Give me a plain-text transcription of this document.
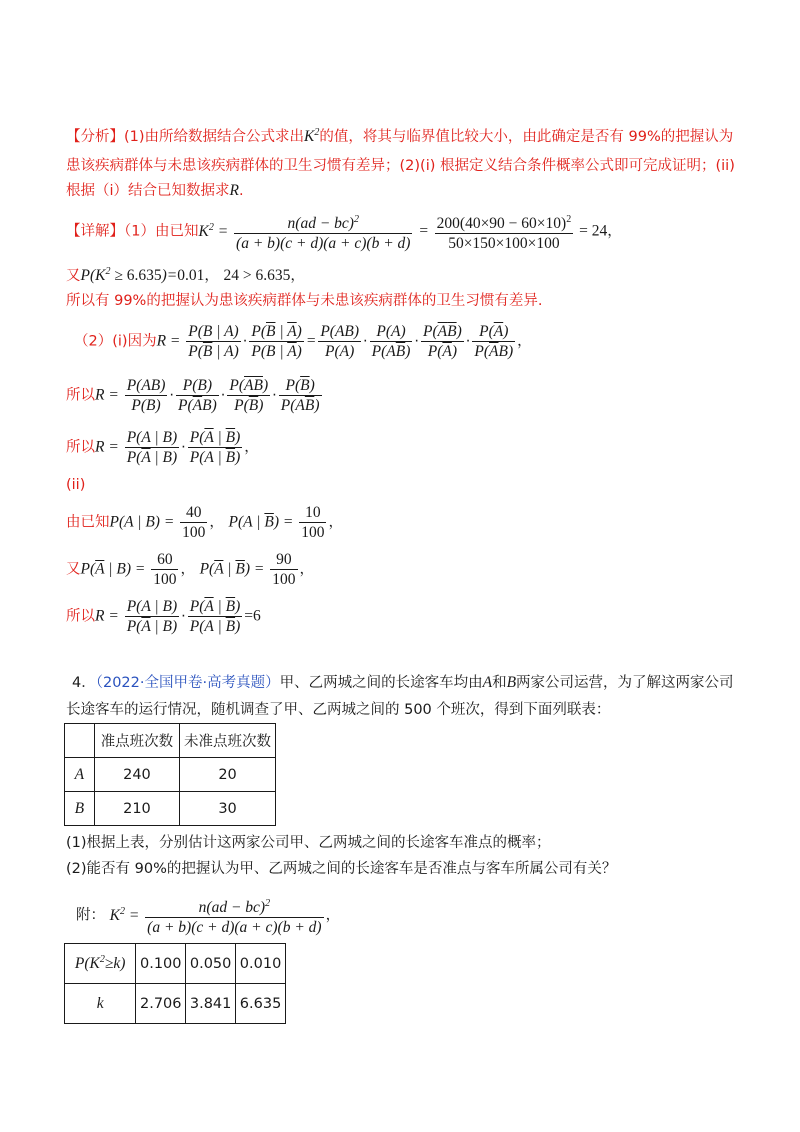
【分析】(1)由所给数据结合公式求出$K^2$的值，将其与临界值比较大小，由此确定是否有 99%的把握认为
患该疾病群体与未患该疾病群体的卫生习惯有差异；(2)(i) 根据定义结合条件概率公式即可完成证明；(ii)
根据（i）结合已知数据求R.
【详解】（1）由已知$K^2 = \frac{n(ad - bc)^2}{(a + b)(c + d)(a + c)(b + d)} = \frac{200(40\times 90 - 60\times 10)^2}{50\times 150\times 100\times 100} = 24$，
又$P(K^2 \ge 6.635)=0.01$， 24 > 6.635，
所以有 99%的把握认为患该疾病群体与未患该疾病群体的卫生习惯有差异.
（2）(i)因为$R = \frac{P(B | A)}{P(\overline{B} | A)} \cdot \frac{P(\overline{B} | \overline{A})}{P(B | \overline{A})} = \frac{P(AB)}{P(A)} \cdot \frac{P(A)}{P(A\overline{B})} \cdot \frac{P(\overline{A}\overline{B})}{P(\overline{A})} \cdot \frac{P(\overline{A})}{P(\overline{A}B)}$ ，
所以$R = \frac{P(AB)}{P(B)} \cdot \frac{P(B)}{P(\overline{A}B)} \cdot \frac{P(\overline{A}\overline{B})}{P(\overline{B})} \cdot \frac{P(\overline{B})}{P(A\overline{B})}$
所以$R = \frac{P(A | B)}{P(\overline{A} | B)} \cdot \frac{P(\overline{A} | \overline{B})}{P(A | \overline{B})}$ ，
(ii)
由已知P(A | $B) = \frac{40}{100}$ ， P(A | $\overline{B}) = \frac{10}{100}$ ，
又$P(\overline{A}$ | $B) = \frac{60}{100}$ ， $P(\overline{A}$ | $\overline{B}) = \frac{90}{100}$ ，
所以$R = \frac{P(A | B)}{P(\overline{A} | B)} \cdot \frac{P(\overline{A} | \overline{B})}{P(A | \overline{B})} =6$
4．（2022·全国甲卷·高考真题）甲、乙两城之间的长途客车均由A和B两家公司运营，为了解这两家公司
长途客车的运行情况，随机调查了甲、乙两城之间的 500 个班次，得到下面列联表：
	准点班次数	未准点班次数
A	240	20
B	210	30
(1)根据上表，分别估计这两家公司甲、乙两城之间的长途客车准点的概率；
(2)能否有 90%的把握认为甲、乙两城之间的长途客车是否准点与客车所属公司有关？
附： $K^2 = \frac{n(ad - bc)^2}{(a + b)(c + d)(a + c)(b + d)}$ ，
$P(K^2\ge k)$	0.100	0.050	0.010
k	2.706	3.841	6.635
